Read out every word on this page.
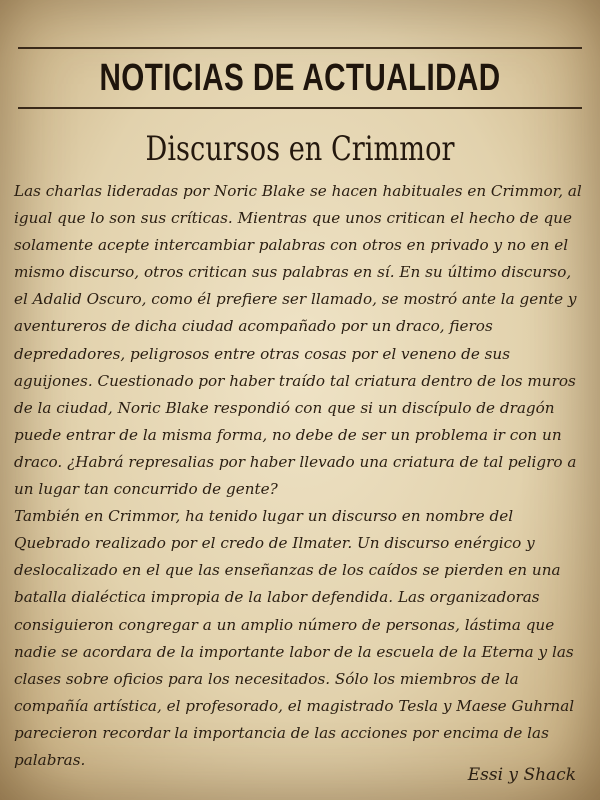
NOTICIAS DE ACTUALIDAD
Discursos en Crimmor

Las charlas lideradas por Noric Blake se hacen habituales en Crimmor, al igual que lo son sus críticas. Mientras que unos critican el hecho de que solamente acepte intercambiar palabras con otros en privado y no en el mismo discurso, otros critican sus palabras en sí. En su último discurso, el Adalid Oscuro, como él prefiere ser llamado, se mostró ante la gente y aventureros de dicha ciudad acompañado por un draco, fieros depredadores, peligrosos entre otras cosas por el veneno de sus aguijones. Cuestionado por haber traído tal criatura dentro de los muros de la ciudad, Noric Blake respondió con que si un discípulo de dragón puede entrar de la misma forma, no debe de ser un problema ir con un draco. ¿Habrá represalias por haber llevado una criatura de tal peligro a un lugar tan concurrido de gente?

También en Crimmor, ha tenido lugar un discurso en nombre del Quebrado realizado por el credo de Ilmater. Un discurso enérgico y deslocalizado en el que las enseñanzas de los caídos se pierden en una batalla dialéctica impropia de la labor defendida. Las organizadoras consiguieron congregar a un amplio número de personas, lástima que nadie se acordara de la importante labor de la escuela de la Eterna y las clases sobre oficios para los necesitados. Sólo los miembros de la compañía artística, el profesorado, el magistrado Tesla y Maese Guhrnal parecieron recordar la importancia de las acciones por encima de las palabras.

Essi y Shack
